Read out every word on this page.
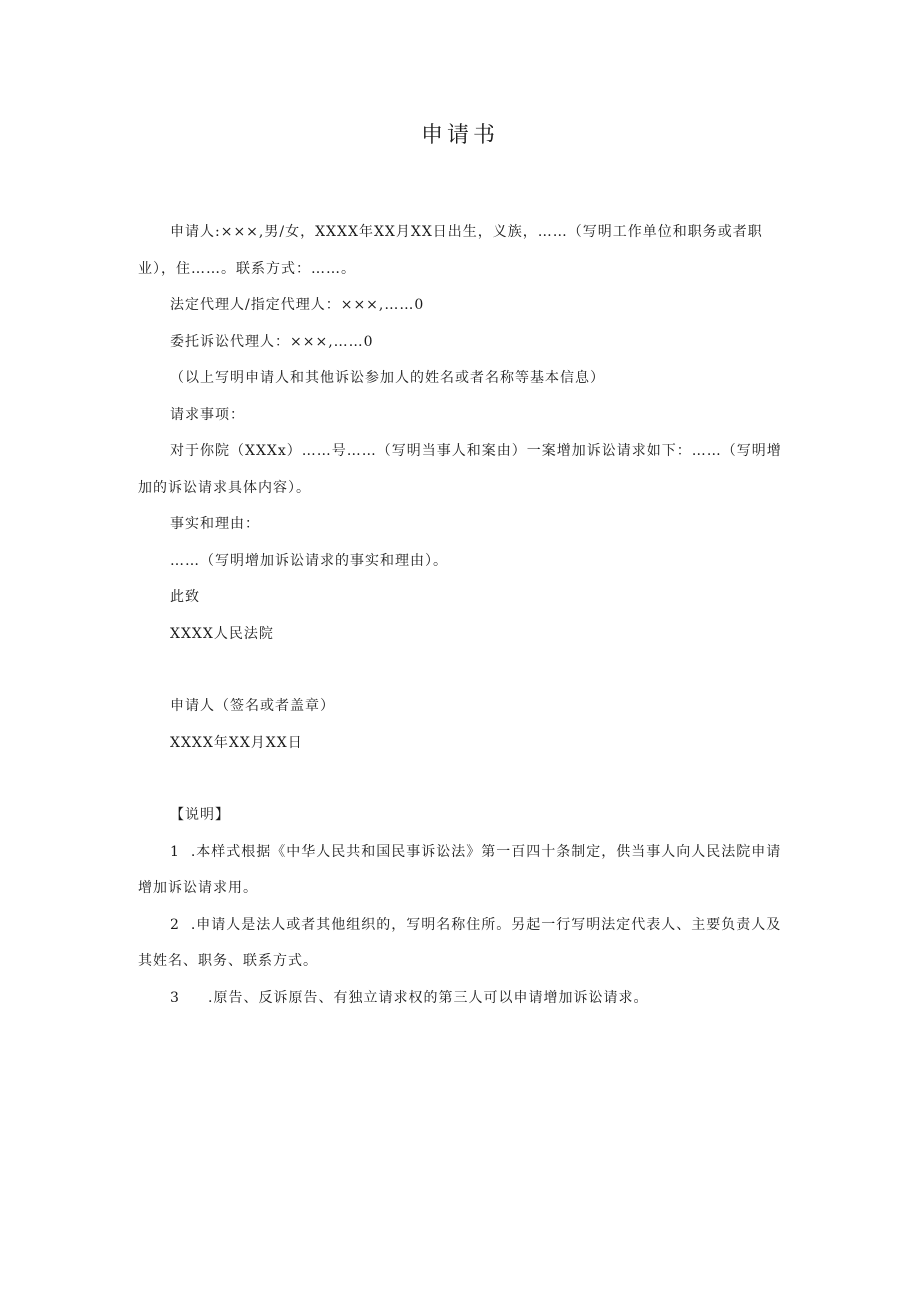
申请书

申请人:×××,男/女，XXXX年XX月XX日出生，义族，……（写明工作单位和职务或者职业），住……。联系方式：……。

法定代理人/指定代理人：×××,……0

委托诉讼代理人：×××,……0

（以上写明申请人和其他诉讼参加人的姓名或者名称等基本信息）

请求事项：

对于你院（XXXx）……号……（写明当事人和案由）一案增加诉讼请求如下：……（写明增加的诉讼请求具体内容）。

事实和理由：

……（写明增加诉讼请求的事实和理由）。

此致

XXXX人民法院

申请人（签名或者盖章）

XXXX年XX月XX日

【说明】

1 .本样式根据《中华人民共和国民事诉讼法》第一百四十条制定，供当事人向人民法院申请增加诉讼请求用。

2 .申请人是法人或者其他组织的，写明名称住所。另起一行写明法定代表人、主要负责人及其姓名、职务、联系方式。

3 .原告、反诉原告、有独立请求权的第三人可以申请增加诉讼请求。
